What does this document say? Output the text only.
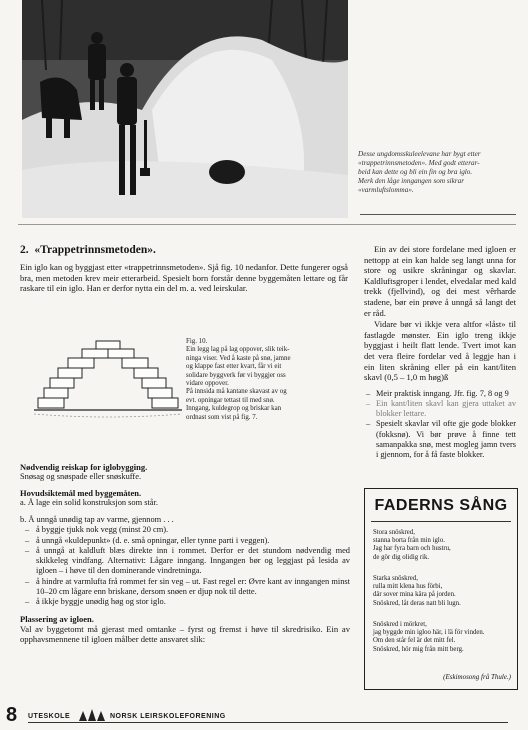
Desse ungdomsskuleelevane har bygt etter

«trappetrinnsmetoden». Med godt etterar-

beid kan dette og bli ein fin og bra iglo.

Merk den låge inngangen som sikrar

«varmluftslomma».

2. «Trappetrinnsmetoden».

Ein iglo kan og byggjast etter «trappetrinnsmetoden». Sjå fig. 10 nedanfor. Dette fungerer også bra, men metoden krev meir etterarbeid. Spesielt born forstår denne byggemåten lettare og får raskare til ein iglo. Han er derfor nytta ein del m. a. ved leirskular.

Fig. 10.

Ein legg lag på lag oppover, slik teik-

ninga viser. Ved å kaste på snø, jamne

og klappe fast etter kvart, får vi eit

solidare byggverk før vi byggjer oss

vidare oppover.

På innsida må kantane skavast av og

evt. opningar tettast til med snø.

Inngang, kuldegrop og briskar kan

ordnast som vist på fig. 7.

Nødvendig reiskap for iglobygging.
Snøsag og snøspade eller snøskuffe.
Hovudsiktemål med byggemåten.
a. Å lage ein solid konstruksjon som står.
b. Å unngå unødig tap av varme, gjennom . . .
– å byggje tjukk nok vegg (minst 20 cm).
– å unngå «kuldepunkt» (d. e. små opningar, eller tynne parti i veggen).
– å unngå at kaldluft blæs direkte inn i rommet. Derfor er det stundom nødvendig med skikkeleg vindfang. Alternativt: Lågare inngang. Inngangen bør og leggjast på lesida av igloen – i høve til den dominerande vindretninga.
– å hindre at varmlufta frå rommet fer sin veg – ut. Fast regel er: Øvre kant av inngangen minst 10–20 cm lågare enn briskane, dersom snøen er djup nok til dette.
– å ikkje byggje unødig høg og stor iglo.
Plassering av igloen.
Val av byggetomt må gjerast med omtanke – fyrst og fremst i høve til skredrisiko. Ein av opphavsmennene til igloen målber dette ansvaret slik:

Ein av dei store fordelane med igloen er nettopp at ein kan halde seg langt unna for store og usikre skråningar og skavlar. Kaldluftsgroper i lendet, elvedalar med kald trekk (fjellvind), og dei mest vêrharde stadene, bør ein prøve å unngå så langt det er råd.

Vidare bør vi ikkje vera altfor «låst» til fastlagde mønster. Ein iglo treng ikkje byggjast i heilt flatt lende. Tvert imot kan det vera fleire fordelar ved å leggje han i ein liten skråning eller på ein kant/liten skavl (0,5 – 1,0 m høg)ß

– Meir praktisk inngang. Jfr. fig. 7, 8 og 9
– Ein kant/liten skavl kan gjera uttaket av blokker lettare.
– Spesielt skavlar vil ofte gje gode blokker (fokksnø). Vi bør prøve å finne tett samanpakka snø, mest mogleg jamn tvers i gjennom, for å få faste blokker.
FADERNS SÅNG

Stora snöskred,

stanna borta från min iglo.

Jag har fyra barn och hustru,

de gör dig olidig rik.

Starka snöskred,

rulla mitt klena hus förbi,

där sover mina kära på jorden.

Snöskred, låt deras natt bli lugn.

Snöskred i mörkret,

jag byggde min igloo här, i lä för vinden.

Om den står fel är det mitt fel.

Snöskred, hör mig från mitt berg.

(Eskimosong frå Thule.)
8 UTESKOLE	NORSK LEIRSKOLEFORENING
